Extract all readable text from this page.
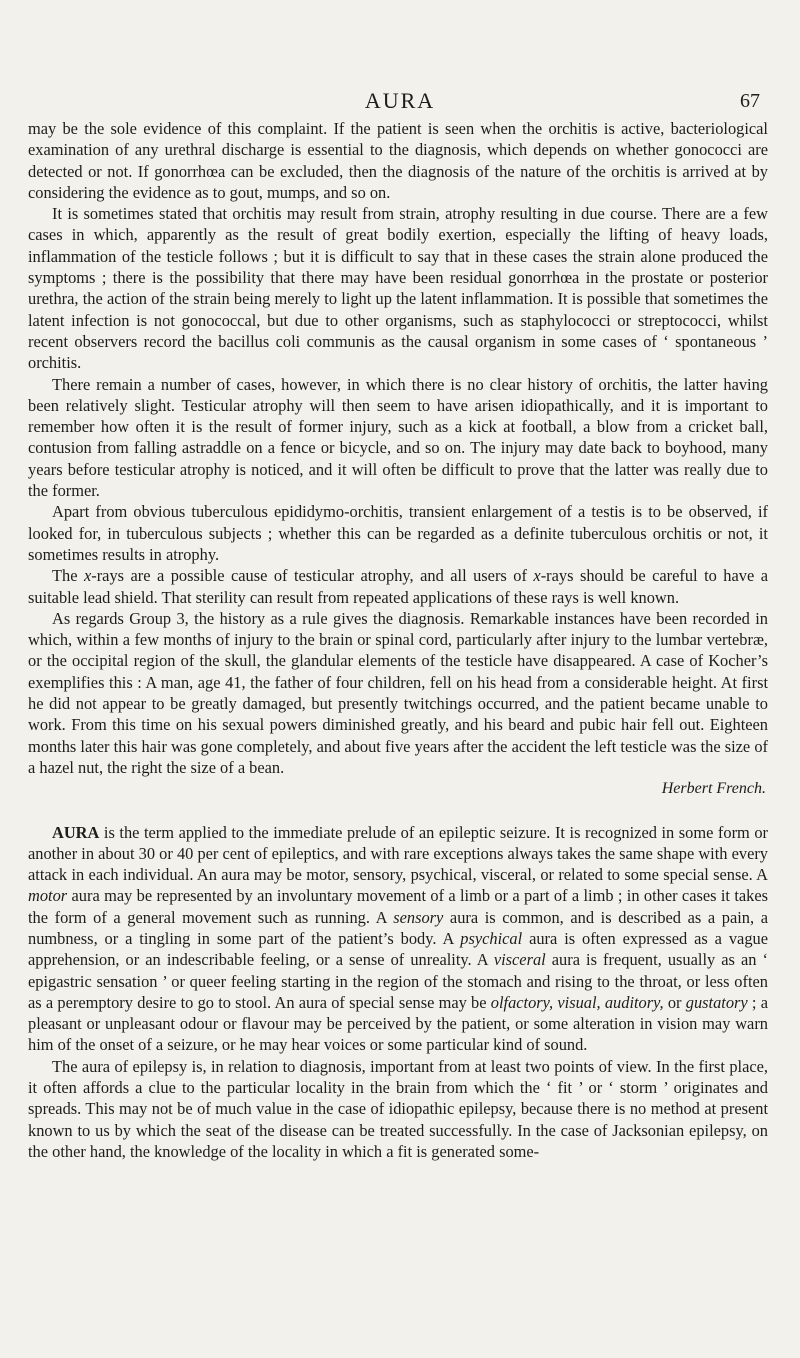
AURA	67

may be the sole evidence of this complaint. If the patient is seen when the orchitis is active, bacteriological examination of any urethral discharge is essential to the diagnosis, which depends on whether gonococci are detected or not. If gonorrhœa can be excluded, then the diagnosis of the nature of the orchitis is arrived at by considering the evidence as to gout, mumps, and so on.

It is sometimes stated that orchitis may result from strain, atrophy resulting in due course. There are a few cases in which, apparently as the result of great bodily exertion, especially the lifting of heavy loads, inflammation of the testicle follows ; but it is difficult to say that in these cases the strain alone produced the symptoms ; there is the possibility that there may have been residual gonorrhœa in the prostate or posterior urethra, the action of the strain being merely to light up the latent inflammation. It is possible that sometimes the latent infection is not gonococcal, but due to other organisms, such as staphylococci or streptococci, whilst recent observers record the bacillus coli communis as the causal organism in some cases of ‘ spontaneous ’ orchitis.

There remain a number of cases, however, in which there is no clear history of orchitis, the latter having been relatively slight. Testicular atrophy will then seem to have arisen idiopathically, and it is important to remember how often it is the result of former injury, such as a kick at football, a blow from a cricket ball, contusion from falling astraddle on a fence or bicycle, and so on. The injury may date back to boyhood, many years before testicular atrophy is noticed, and it will often be difficult to prove that the latter was really due to the former.

Apart from obvious tuberculous epididymo-orchitis, transient enlargement of a testis is to be observed, if looked for, in tuberculous subjects ; whether this can be regarded as a definite tuberculous orchitis or not, it sometimes results in atrophy.

The x-rays are a possible cause of testicular atrophy, and all users of x-rays should be careful to have a suitable lead shield. That sterility can result from repeated applications of these rays is well known.

As regards Group 3, the history as a rule gives the diagnosis. Remarkable instances have been recorded in which, within a few months of injury to the brain or spinal cord, particularly after injury to the lumbar vertebræ, or the occipital region of the skull, the glandular elements of the testicle have disappeared. A case of Kocher’s exemplifies this : A man, age 41, the father of four children, fell on his head from a considerable height. At first he did not appear to be greatly damaged, but presently twitchings occurred, and the patient became unable to work. From this time on his sexual powers diminished greatly, and his beard and pubic hair fell out. Eighteen months later this hair was gone completely, and about five years after the accident the left testicle was the size of a hazel nut, the right the size of a bean.

Herbert French.

AURA is the term applied to the immediate prelude of an epileptic seizure. It is recognized in some form or another in about 30 or 40 per cent of epileptics, and with rare exceptions always takes the same shape with every attack in each individual. An aura may be motor, sensory, psychical, visceral, or related to some special sense. A motor aura may be represented by an involuntary movement of a limb or a part of a limb ; in other cases it takes the form of a general movement such as running. A sensory aura is common, and is described as a pain, a numbness, or a tingling in some part of the patient’s body. A psychical aura is often expressed as a vague apprehension, or an indescribable feeling, or a sense of unreality. A visceral aura is frequent, usually as an ‘ epigastric sensation ’ or queer feeling starting in the region of the stomach and rising to the throat, or less often as a peremptory desire to go to stool. An aura of special sense may be olfactory, visual, auditory, or gustatory ; a pleasant or unpleasant odour or flavour may be perceived by the patient, or some alteration in vision may warn him of the onset of a seizure, or he may hear voices or some particular kind of sound.

The aura of epilepsy is, in relation to diagnosis, important from at least two points of view. In the first place, it often affords a clue to the particular locality in the brain from which the ‘ fit ’ or ‘ storm ’ originates and spreads. This may not be of much value in the case of idiopathic epilepsy, because there is no method at present known to us by which the seat of the disease can be treated successfully. In the case of Jacksonian epilepsy, on the other hand, the knowledge of the locality in which a fit is generated some-
